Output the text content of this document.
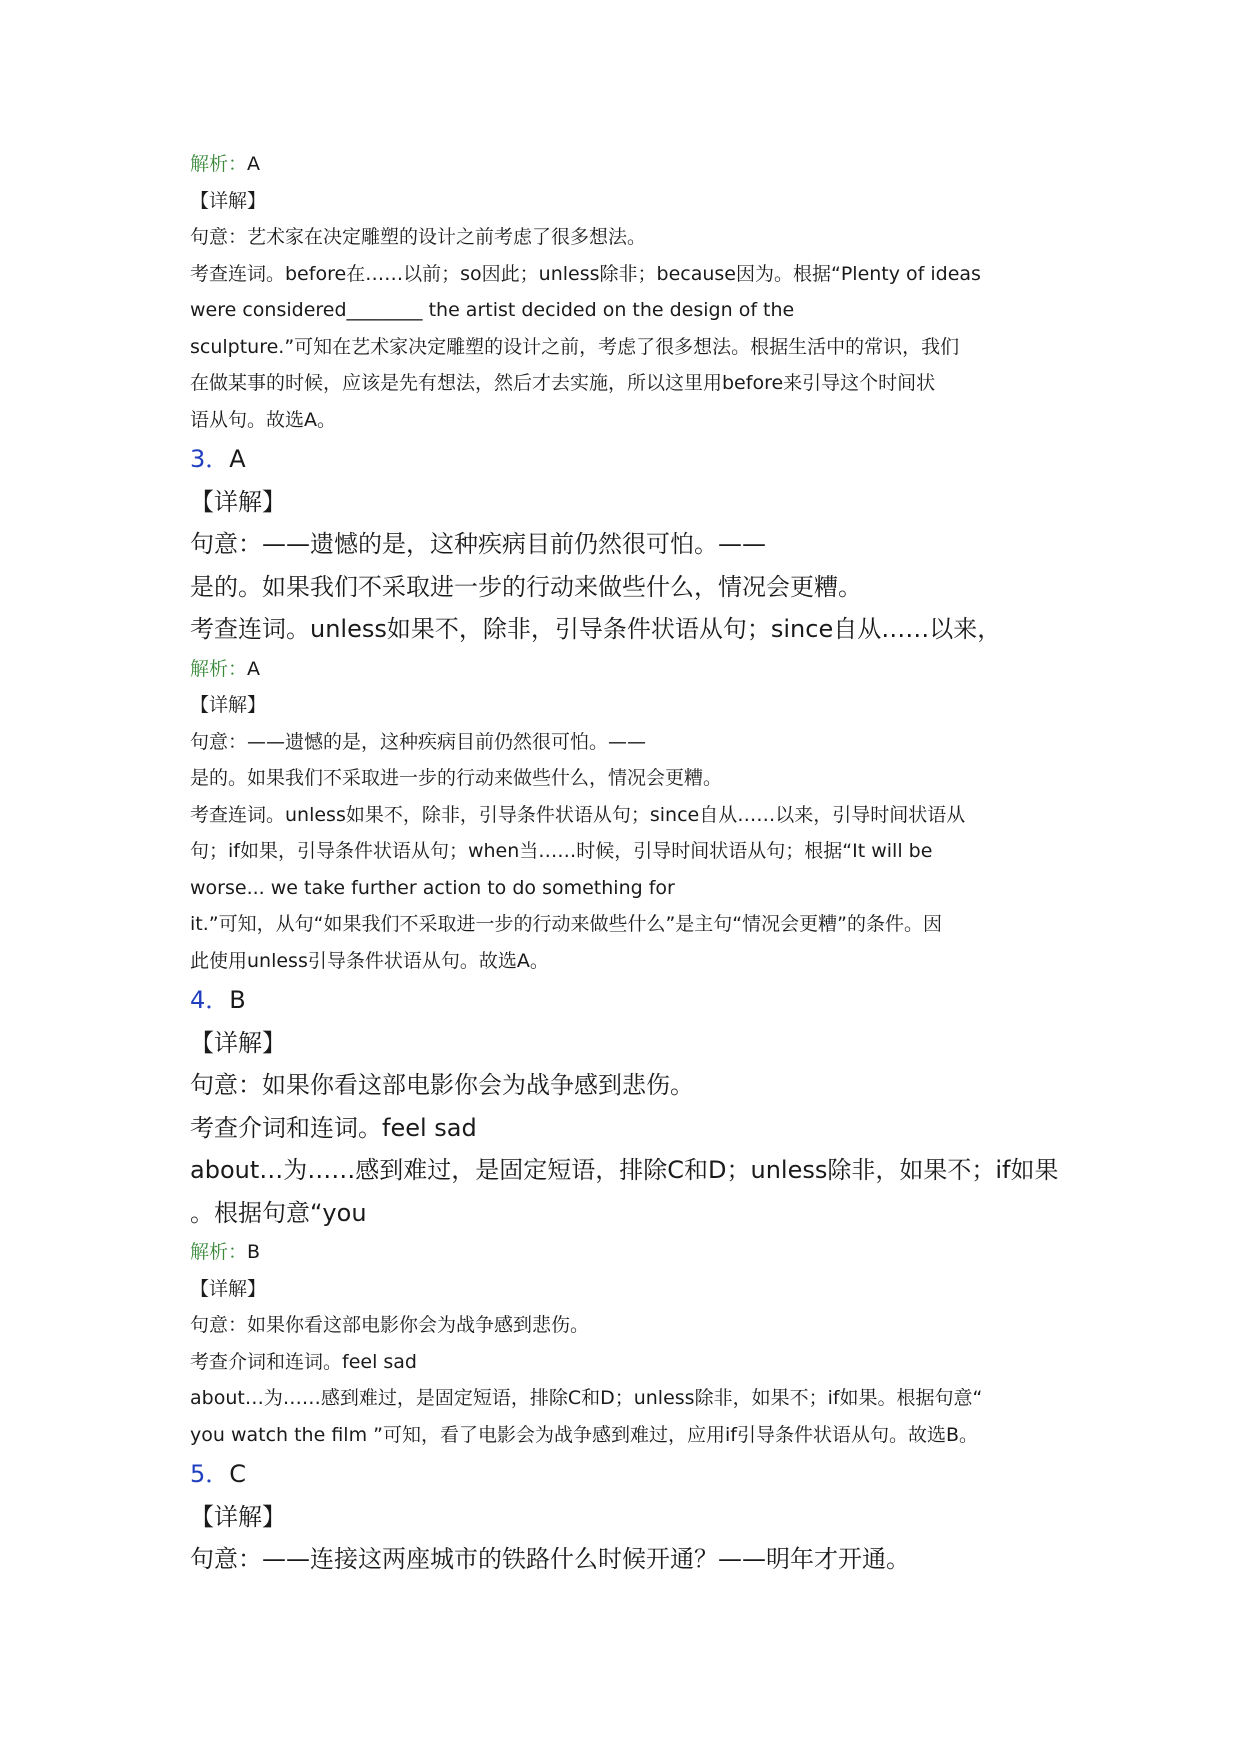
解析：A
【详解】
句意：艺术家在决定雕塑的设计之前考虑了很多想法。
考查连词。before在……以前；so因此；unless除非；because因为。根据“Plenty of ideas
were considered________ the artist decided on the design of the
sculpture.”可知在艺术家决定雕塑的设计之前，考虑了很多想法。根据生活中的常识，我们
在做某事的时候，应该是先有想法，然后才去实施，所以这里用before来引导这个时间状
语从句。故选A。
3．A
【详解】
句意：——遗憾的是，这种疾病目前仍然很可怕。——
是的。如果我们不采取进一步的行动来做些什么，情况会更糟。
考查连词。unless如果不，除非，引导条件状语从句；since自从……以来，
解析：A
【详解】
句意：——遗憾的是，这种疾病目前仍然很可怕。——
是的。如果我们不采取进一步的行动来做些什么，情况会更糟。
考查连词。unless如果不，除非，引导条件状语从句；since自从……以来，引导时间状语从
句；if如果，引导条件状语从句；when当……时候，引导时间状语从句；根据“It will be
worse... we take further action to do something for
it.”可知，从句“如果我们不采取进一步的行动来做些什么”是主句“情况会更糟”的条件。因
此使用unless引导条件状语从句。故选A。
4．B
【详解】
句意：如果你看这部电影你会为战争感到悲伤。
考查介词和连词。feel sad
about…为……感到难过，是固定短语，排除C和D；unless除非，如果不；if如果
。根据句意“you
解析：B
【详解】
句意：如果你看这部电影你会为战争感到悲伤。
考查介词和连词。feel sad
about…为……感到难过，是固定短语，排除C和D；unless除非，如果不；if如果。根据句意“
you watch the film ”可知，看了电影会为战争感到难过，应用if引导条件状语从句。故选B。
5．C
【详解】
句意：——连接这两座城市的铁路什么时候开通？——明年才开通。
